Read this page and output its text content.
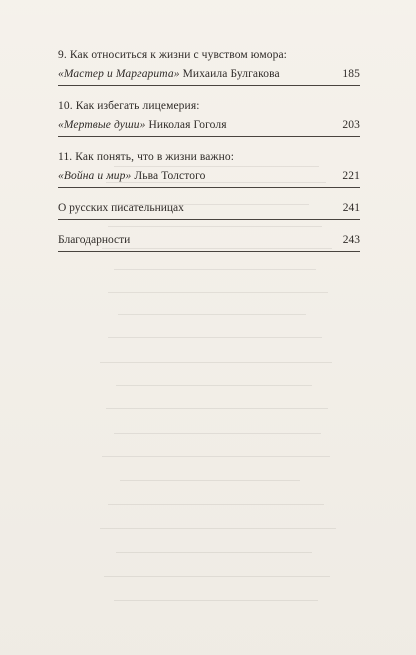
9. Как относиться к жизни с чувством юмора:
«Мастер и Маргарита» Михаила Булгакова	185
10. Как избегать лицемерия:
«Мертвые души» Николая Гоголя	203
11. Как понять, что в жизни важно:
«Война и мир» Льва Толстого	221
О русских писательницах	241
Благодарности	243
